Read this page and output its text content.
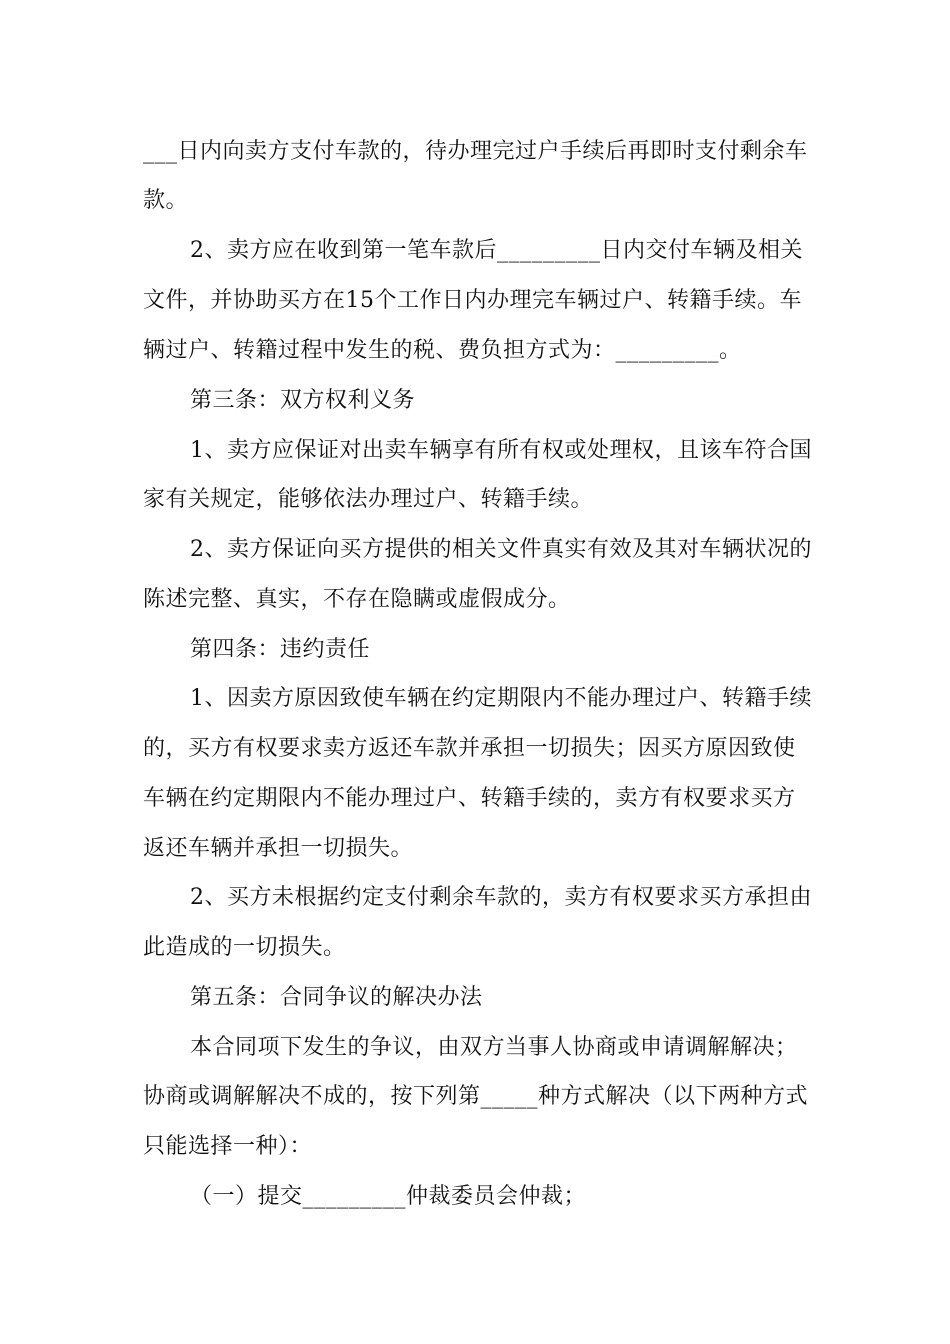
___日内向卖方支付车款的，待办理完过户手续后再即时支付剩余车
款。
2、卖方应在收到第一笔车款后_________日内交付车辆及相关
文件，并协助买方在15个工作日内办理完车辆过户、转籍手续。车
辆过户、转籍过程中发生的税、费负担方式为：_________。
第三条：双方权利义务
1、卖方应保证对出卖车辆享有所有权或处理权，且该车符合国
家有关规定，能够依法办理过户、转籍手续。
2、卖方保证向买方提供的相关文件真实有效及其对车辆状况的
陈述完整、真实，不存在隐瞒或虚假成分。
第四条：违约责任
1、因卖方原因致使车辆在约定期限内不能办理过户、转籍手续
的，买方有权要求卖方返还车款并承担一切损失；因买方原因致使
车辆在约定期限内不能办理过户、转籍手续的，卖方有权要求买方
返还车辆并承担一切损失。
2、买方未根据约定支付剩余车款的，卖方有权要求买方承担由
此造成的一切损失。
第五条：合同争议的解决办法
本合同项下发生的争议，由双方当事人协商或申请调解解决；
协商或调解解决不成的，按下列第_____种方式解决（以下两种方式
只能选择一种）：
（一）提交_________仲裁委员会仲裁；
